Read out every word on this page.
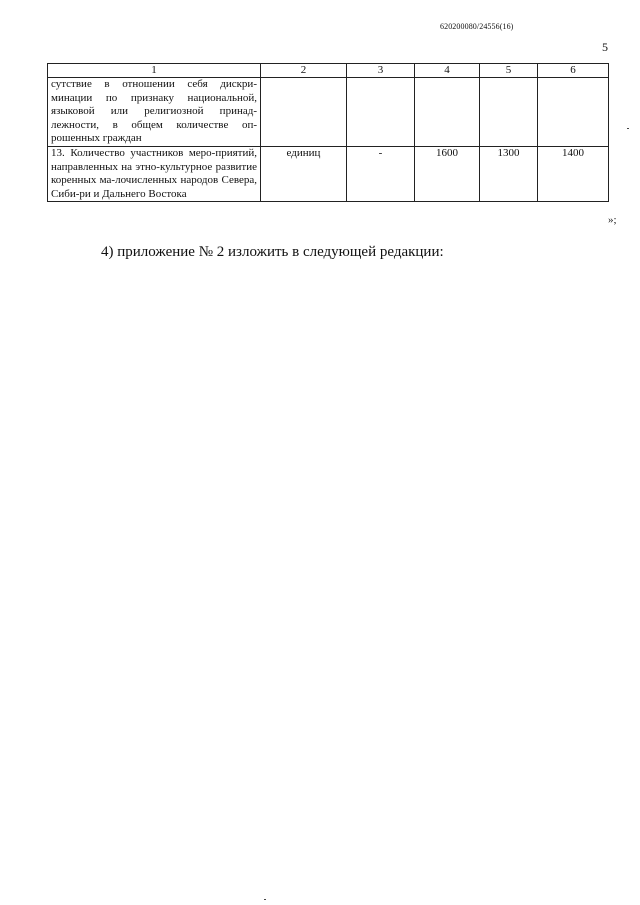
620200080/24556(16)
5
1	2	3	4	5	6
сутствие в отношении себя дискри-минации по признаку национальной, языковой или религиозной принад-лежности, в общем количестве оп-рошенных граждан					
13. Количество участников меро-приятий, направленных на этно-культурное развитие коренных ма-лочисленных народов Севера, Сиби-ри и Дальнего Востока	единиц	-	1600	1300	1400
»;
4) приложение № 2 изложить в следующей редакции:
